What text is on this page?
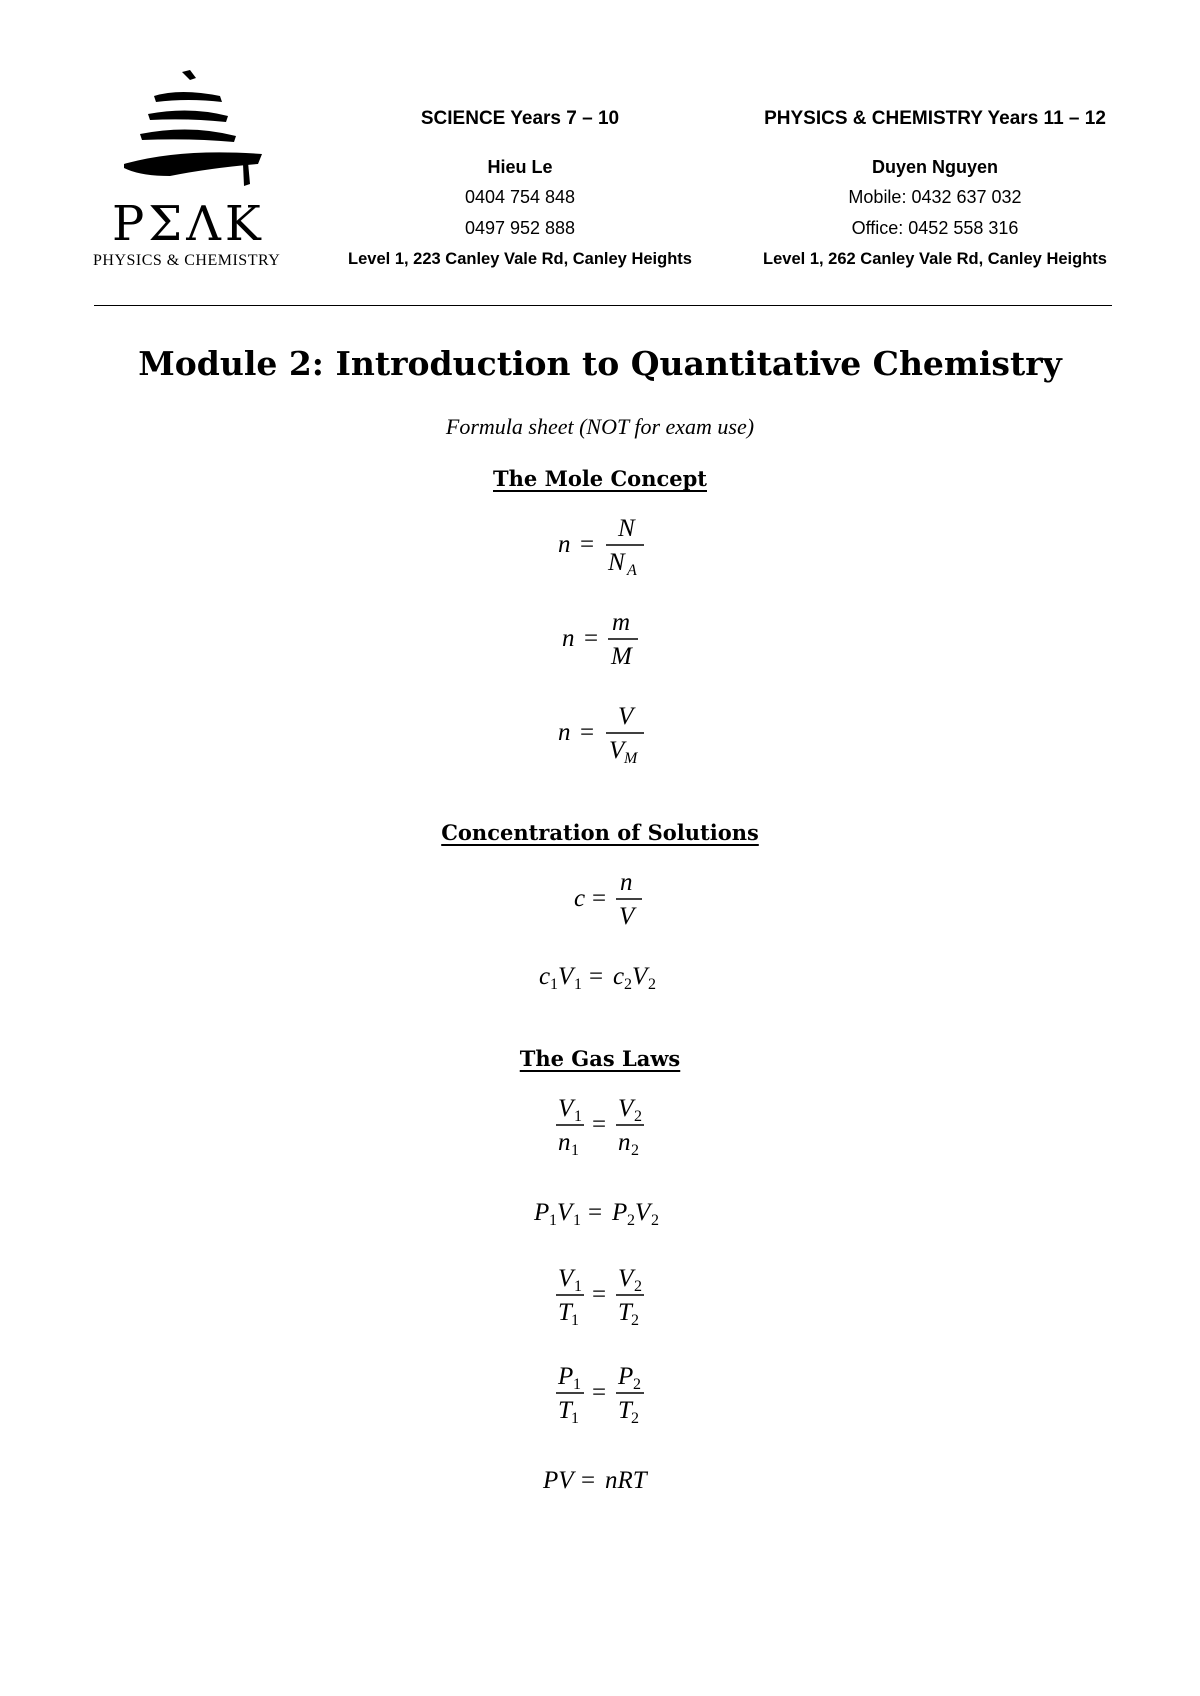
PΣΛK
PHYSICS & CHEMISTRY
SCIENCE Years 7 – 10
Hieu Le
0404 754 848
0497 952 888
Level 1, 223 Canley Vale Rd, Canley Heights
PHYSICS & CHEMISTRY Years 11 – 12
Duyen Nguyen
Mobile: 0432 637 032
Office: 0452 558 316
Level 1, 262 Canley Vale Rd, Canley Heights
Module 2: Introduction to Quantitative Chemistry
Formula sheet (NOT for exam use)
The Mole Concept
n =
N
N A
n =
m
M
n =
V
V M
Concentration of Solutions
c =
n
V
c 1 V 1 = c 2 V 2
The Gas Laws
V 1
n 1
=
V 2
n 2
P 1 V 1 = P 2 V 2
V 1
T 1
=
V 2
T 2
P 1
T 1
=
P 2
T 2
PV = nRT
